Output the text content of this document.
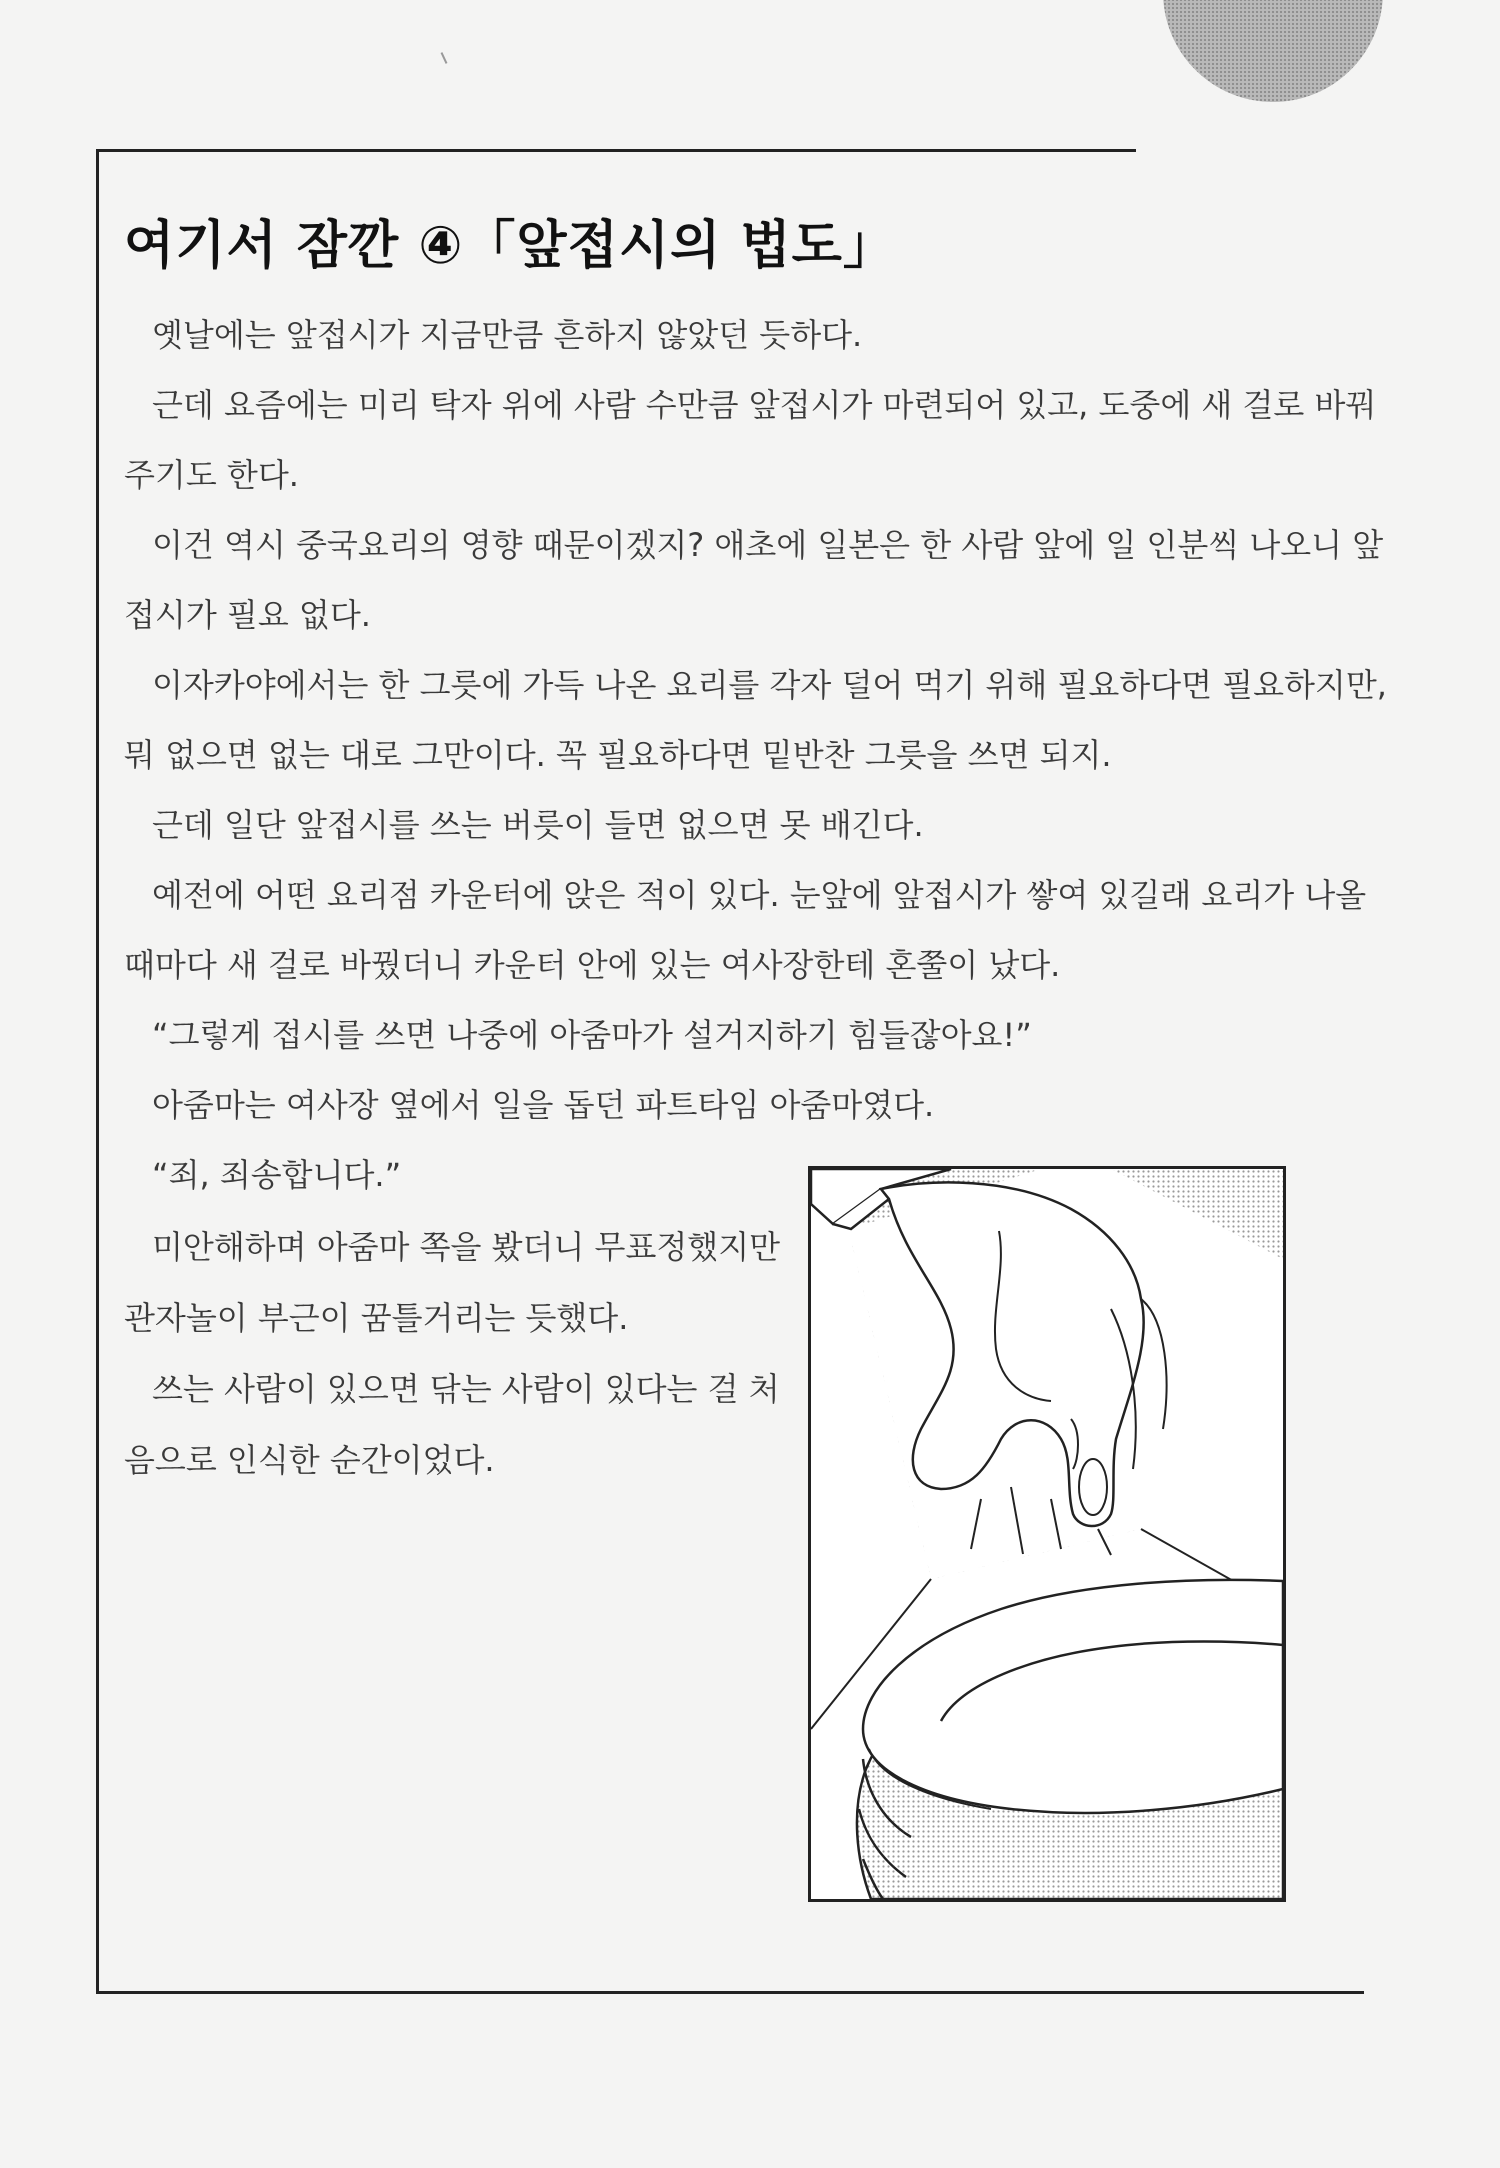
여기서 잠깐 ④「앞접시의 법도」

옛날에는 앞접시가 지금만큼 흔하지 않았던 듯하다.

근데 요즘에는 미리 탁자 위에 사람 수만큼 앞접시가 마련되어 있고, 도중에 새 걸로 바꿔

주기도 한다.

이건 역시 중국요리의 영향 때문이겠지? 애초에 일본은 한 사람 앞에 일 인분씩 나오니 앞

접시가 필요 없다.

이자카야에서는 한 그릇에 가득 나온 요리를 각자 덜어 먹기 위해 필요하다면 필요하지만,

뭐 없으면 없는 대로 그만이다. 꼭 필요하다면 밑반찬 그릇을 쓰면 되지.

근데 일단 앞접시를 쓰는 버릇이 들면 없으면 못 배긴다.

예전에 어떤 요리점 카운터에 앉은 적이 있다. 눈앞에 앞접시가 쌓여 있길래 요리가 나올

때마다 새 걸로 바꿨더니 카운터 안에 있는 여사장한테 혼쭐이 났다.

“그렇게 접시를 쓰면 나중에 아줌마가 설거지하기 힘들잖아요!”

아줌마는 여사장 옆에서 일을 돕던 파트타임 아줌마였다.

“죄, 죄송합니다.”

미안해하며 아줌마 쪽을 봤더니 무표정했지만

관자놀이 부근이 꿈틀거리는 듯했다.

쓰는 사람이 있으면 닦는 사람이 있다는 걸 처

음으로 인식한 순간이었다.
